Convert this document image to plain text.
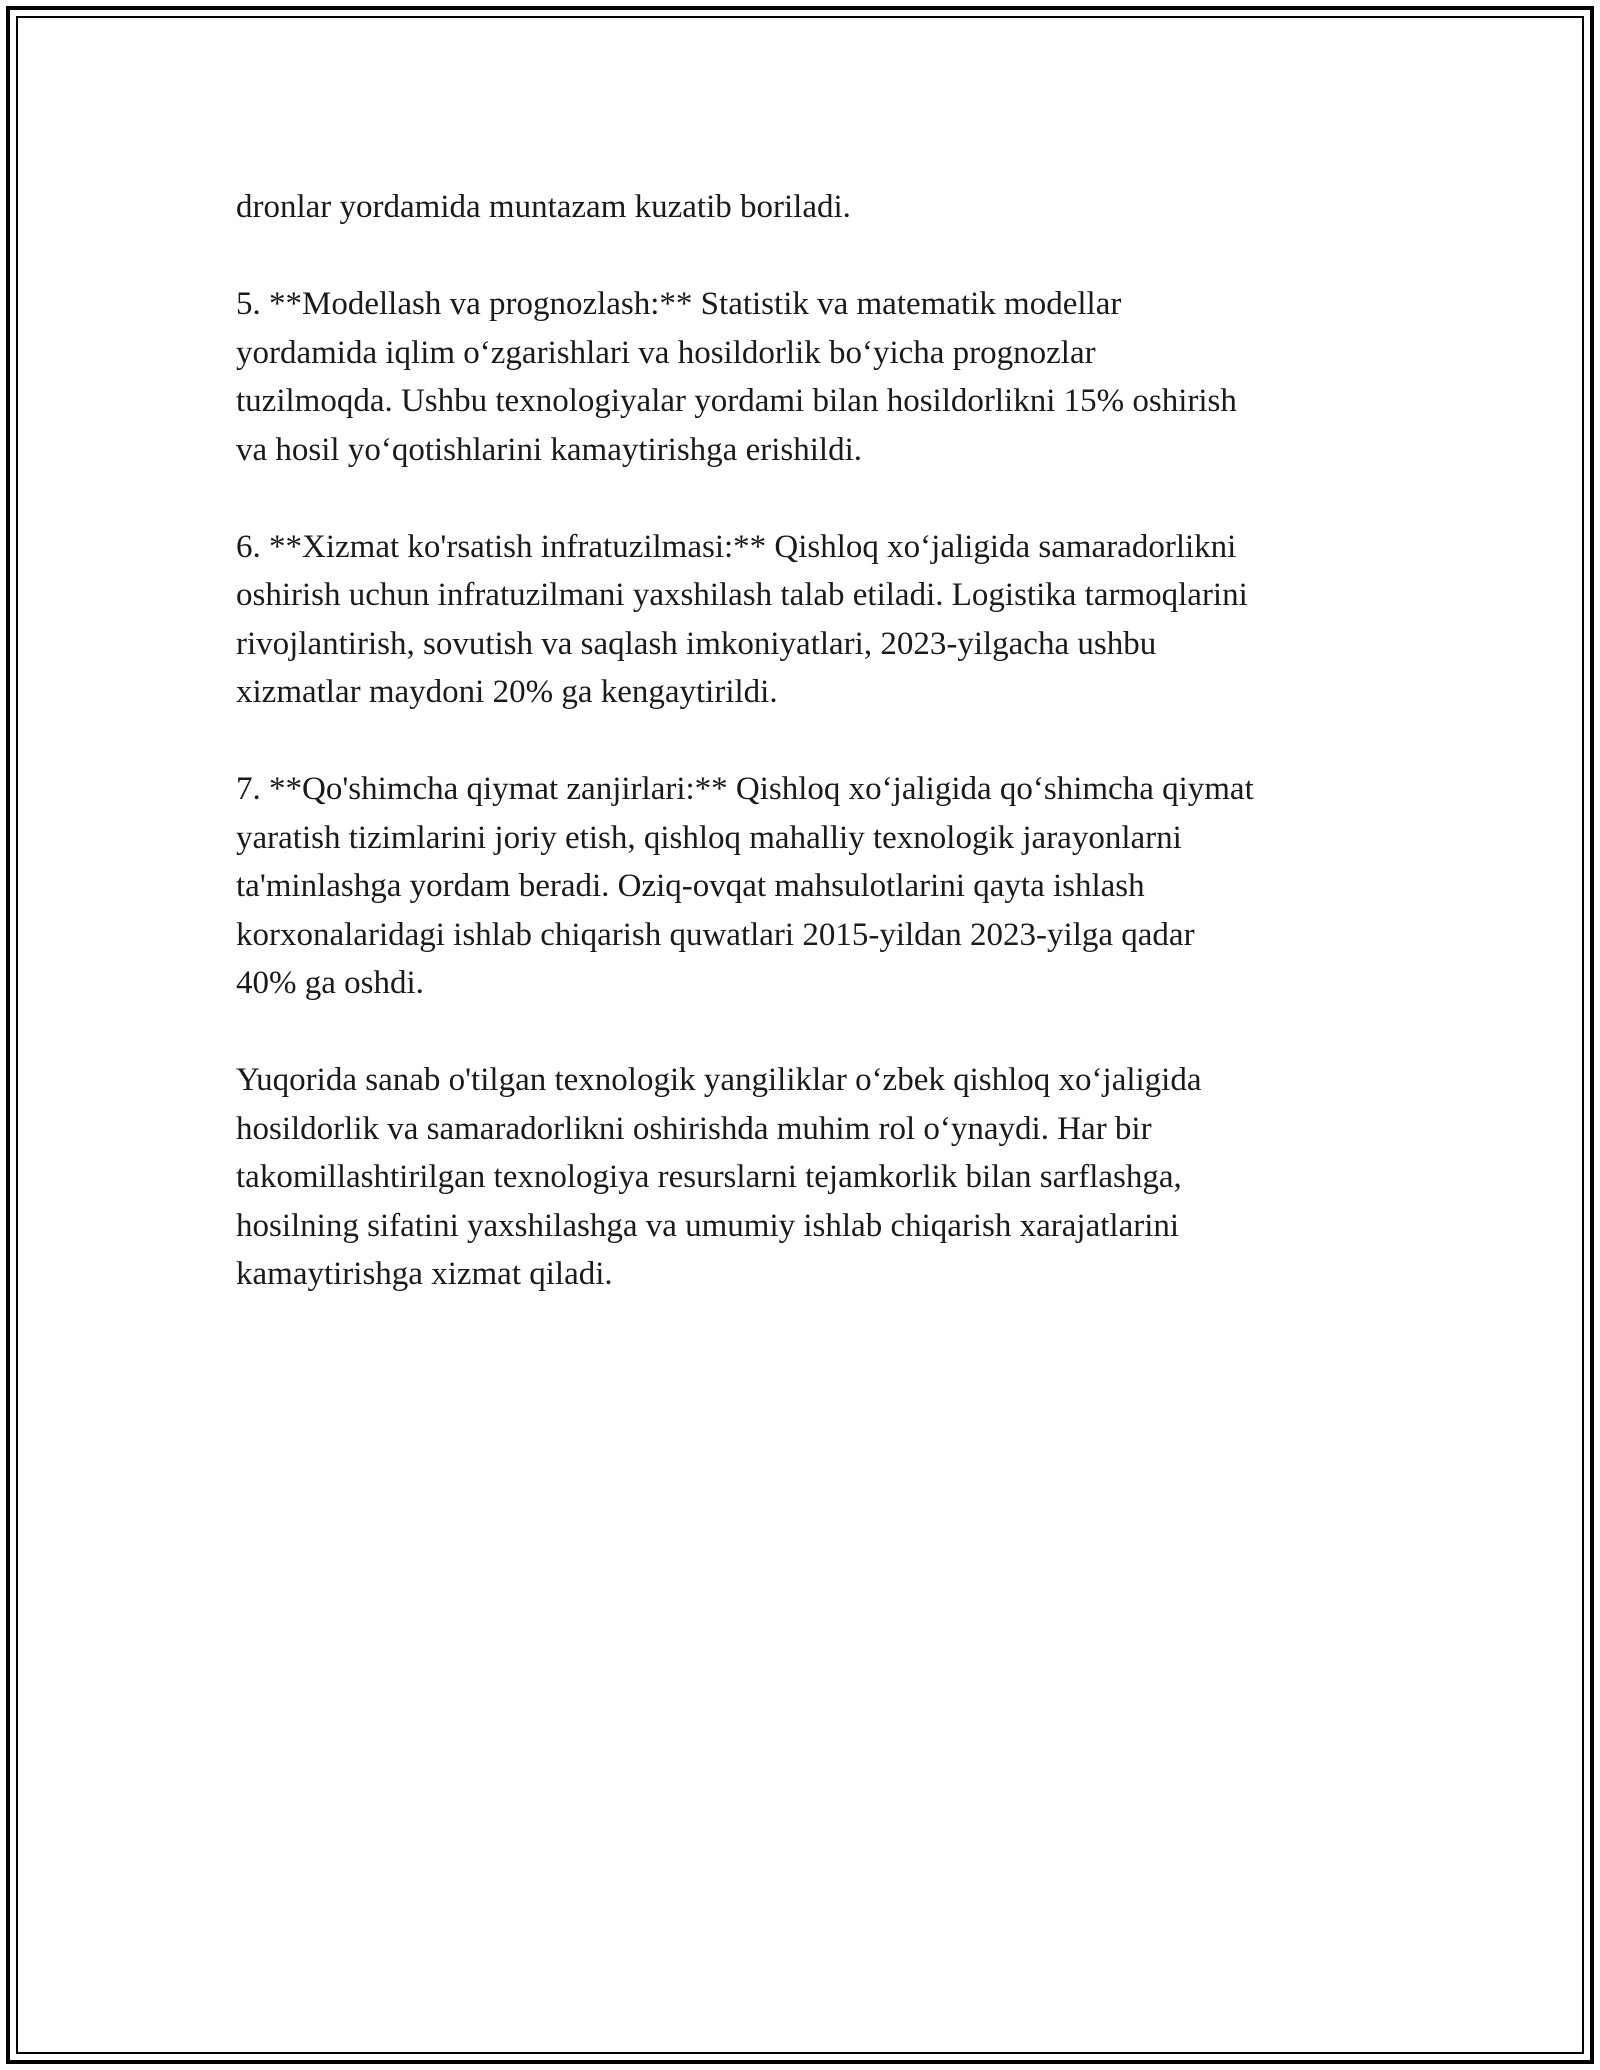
dronlar yordamida muntazam kuzatib boriladi.

5. **Modellash va prognozlash:** Statistik va matematik modellar
yordamida iqlim o‘zgarishlari va hosildorlik bo‘yicha prognozlar
tuzilmoqda. Ushbu texnologiyalar yordami bilan hosildorlikni 15% oshirish
va hosil yo‘qotishlarini kamaytirishga erishildi.

6. **Xizmat ko'rsatish infratuzilmasi:** Qishloq xo‘jaligida samaradorlikni
oshirish uchun infratuzilmani yaxshilash talab etiladi. Logistika tarmoqlarini
rivojlantirish, sovutish va saqlash imkoniyatlari, 2023-yilgacha ushbu
xizmatlar maydoni 20% ga kengaytirildi.

7. **Qo'shimcha qiymat zanjirlari:** Qishloq xo‘jaligida qo‘shimcha qiymat
yaratish tizimlarini joriy etish, qishloq mahalliy texnologik jarayonlarni
ta'minlashga yordam beradi. Oziq-ovqat mahsulotlarini qayta ishlash
korxonalaridagi ishlab chiqarish quwatlari 2015-yildan 2023-yilga qadar
40% ga oshdi.

Yuqorida sanab o'tilgan texnologik yangiliklar o‘zbek qishloq xo‘jaligida
hosildorlik va samaradorlikni oshirishda muhim rol o‘ynaydi. Har bir
takomillashtirilgan texnologiya resurslarni tejamkorlik bilan sarflashga,
hosilning sifatini yaxshilashga va umumiy ishlab chiqarish xarajatlarini
kamaytirishga xizmat qiladi.
